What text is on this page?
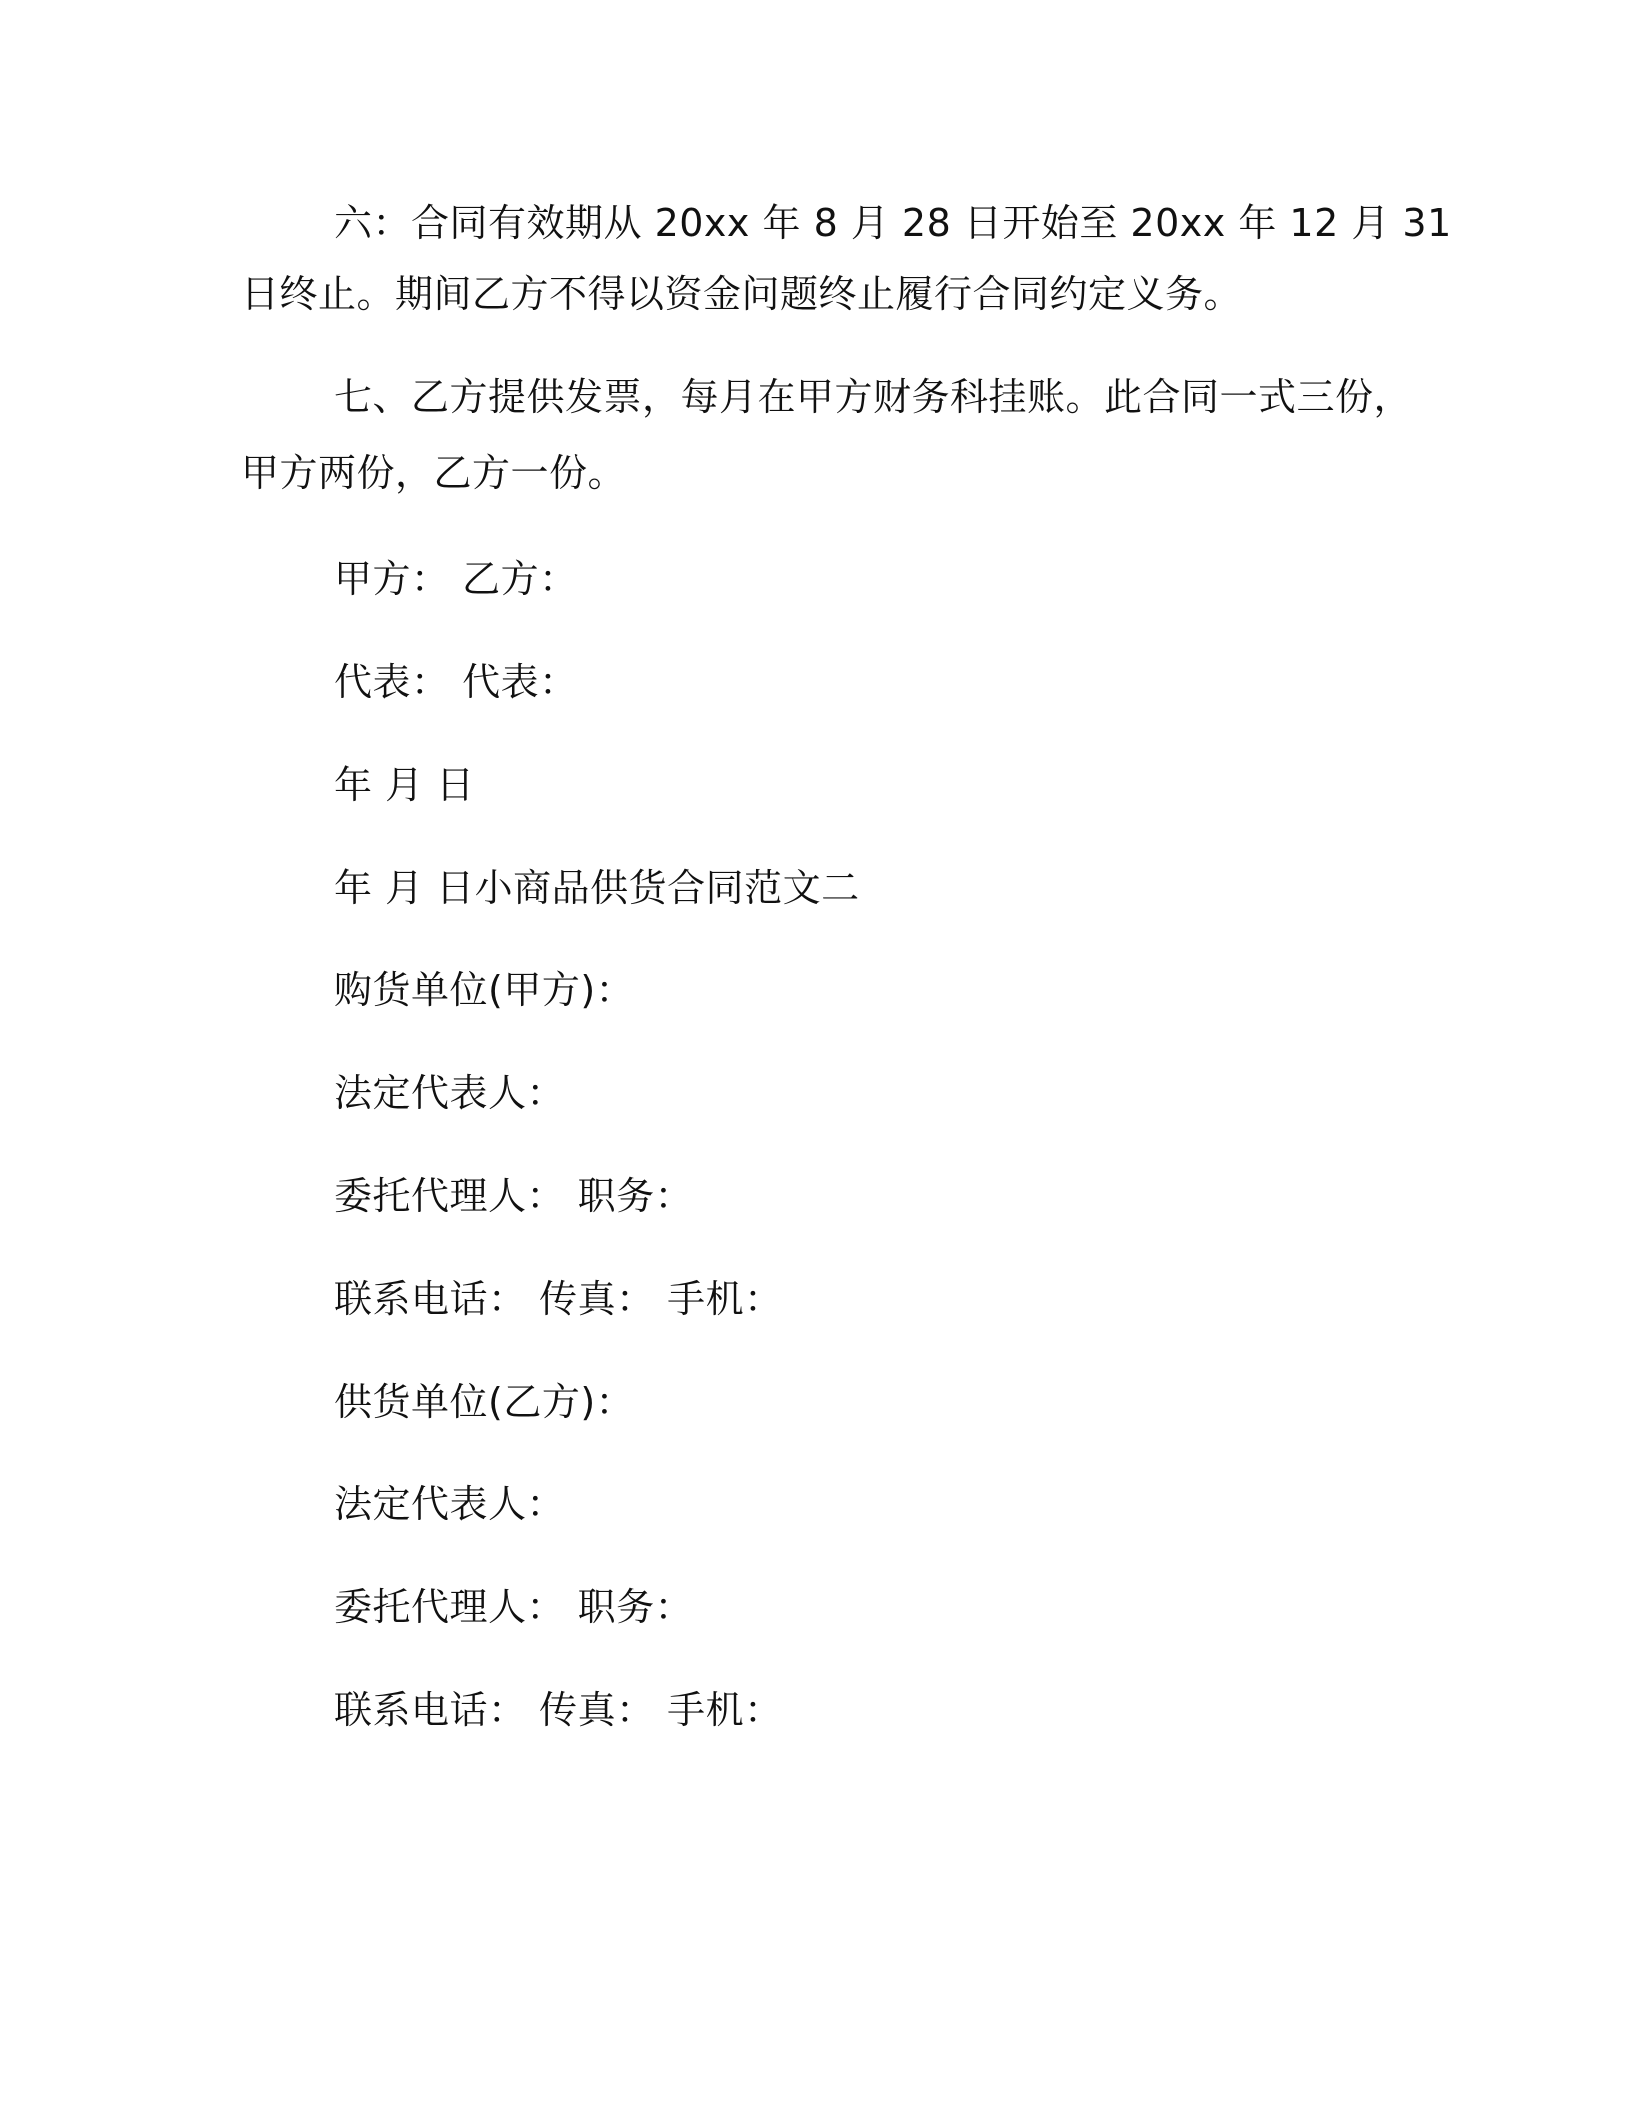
六：合同有效期从 20xx 年 8 月 28 日开始至 20xx 年 12 月 31
日终止。期间乙方不得以资金问题终止履行合同约定义务。
七、乙方提供发票，每月在甲方财务科挂账。此合同一式三份，
甲方两份，乙方一份。
甲方： 乙方：
代表： 代表：
年 月 日
年 月 日小商品供货合同范文二
购货单位(甲方)：
法定代表人：
委托代理人： 职务：
联系电话： 传真： 手机：
供货单位(乙方)：
法定代表人：
委托代理人： 职务：
联系电话： 传真： 手机：
